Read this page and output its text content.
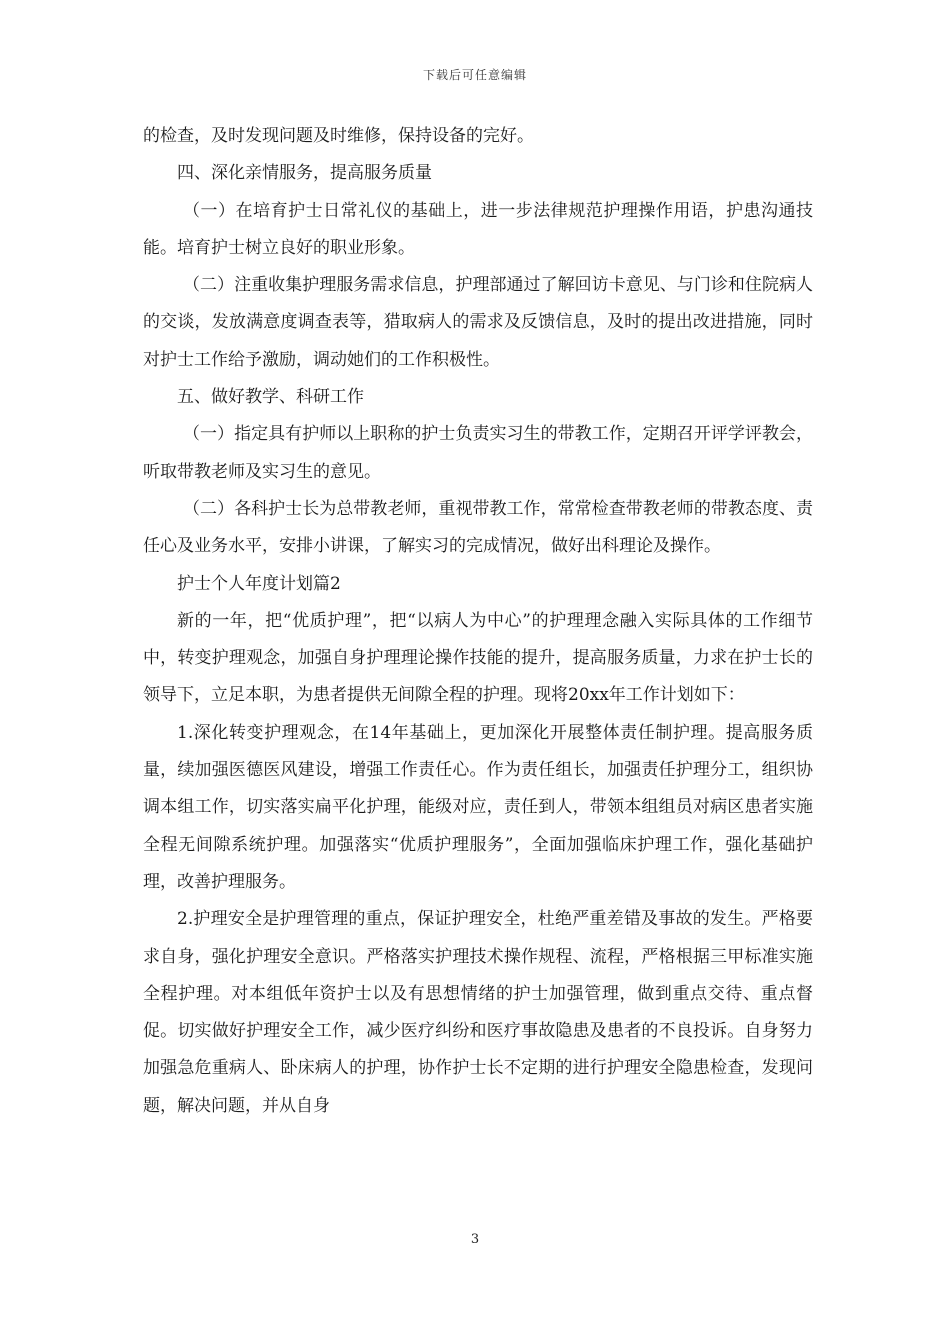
下载后可任意编辑

的检查，及时发现问题及时维修，保持设备的完好。

四、深化亲情服务，提高服务质量

（一）在培育护士日常礼仪的基础上，进一步法律规范护理操作用语，护患沟通技能。培育护士树立良好的职业形象。

（二）注重收集护理服务需求信息，护理部通过了解回访卡意见、与门诊和住院病人的交谈，发放满意度调查表等，猎取病人的需求及反馈信息，及时的提出改进措施，同时对护士工作给予激励，调动她们的工作积极性。

五、做好教学、科研工作

（一）指定具有护师以上职称的护士负责实习生的带教工作，定期召开评学评教会，听取带教老师及实习生的意见。

（二）各科护士长为总带教老师，重视带教工作，常常检查带教老师的带教态度、责任心及业务水平，安排小讲课，了解实习的完成情况，做好出科理论及操作。

护士个人年度计划篇2

新的一年，把“优质护理”，把“以病人为中心”的护理理念融入实际具体的工作细节中，转变护理观念，加强自身护理理论操作技能的提升，提高服务质量，力求在护士长的领导下，立足本职，为患者提供无间隙全程的护理。现将20xx年工作计划如下：

1.深化转变护理观念，在14年基础上，更加深化开展整体责任制护理。提高服务质量，续加强医德医风建设，增强工作责任心。作为责任组长，加强责任护理分工，组织协调本组工作，切实落实扁平化护理，能级对应，责任到人，带领本组组员对病区患者实施全程无间隙系统护理。加强落实“优质护理服务”，全面加强临床护理工作，强化基础护理，改善护理服务。

2.护理安全是护理管理的重点，保证护理安全，杜绝严重差错及事故的发生。严格要求自身，强化护理安全意识。严格落实护理技术操作规程、流程，严格根据三甲标准实施全程护理。对本组低年资护士以及有思想情绪的护士加强管理，做到重点交待、重点督促。切实做好护理安全工作，减少医疗纠纷和医疗事故隐患及患者的不良投诉。自身努力加强急危重病人、卧床病人的护理，协作护士长不定期的进行护理安全隐患检查，发现问题，解决问题，并从自身

3
